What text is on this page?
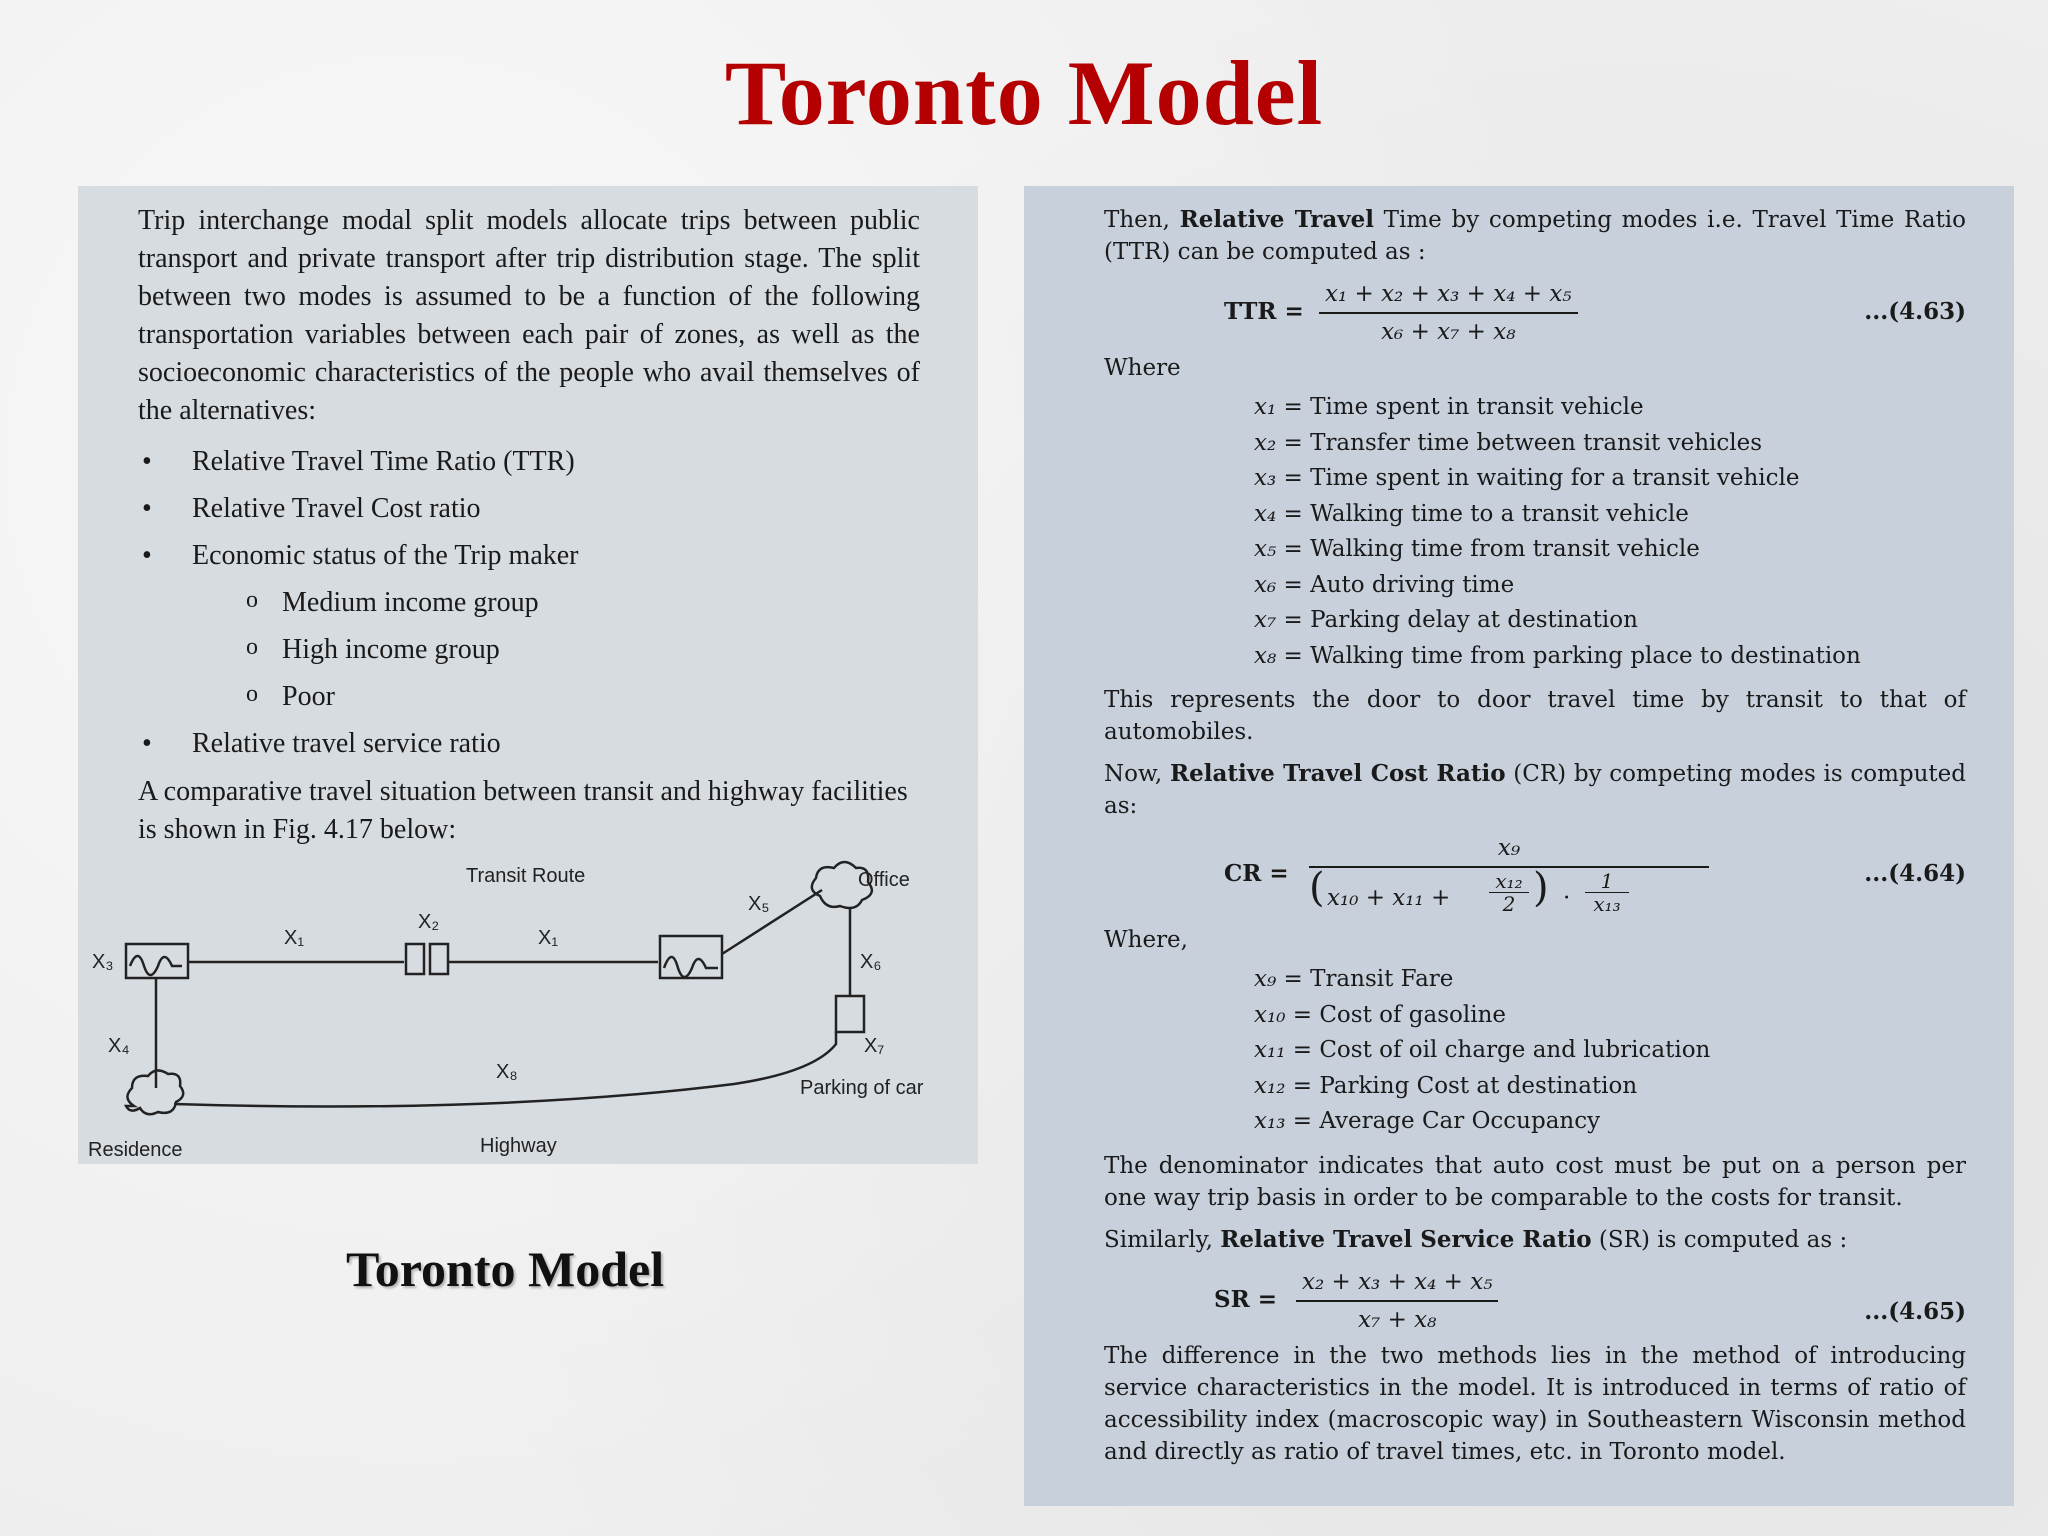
Toronto Model

Trip interchange modal split models allocate trips between public transport and private transport after trip distribution stage. The split between two modes is assumed to be a function of the following transportation variables between each pair of zones, as well as the socioeconomic characteristics of the people who avail themselves of the alternatives:

• Relative Travel Time Ratio (TTR)
• Relative Travel Cost ratio
• Economic status of the Trip maker
o Medium income group
o High income group
o Poor
• Relative travel service ratio

A comparative travel situation between transit and highway facilities is shown in Fig. 4.17 below:

Transit Route	Office
Highway
Residence
Parking of car
X₁
X₂
X₃
X₁
X₄
X₅
X₆
X₇
X₈
Toronto Model

Then, Relative Travel Time by competing modes i.e. Travel Time Ratio (TTR) can be computed as :

TTR = $\frac{\text{x₁ + x₂ + x₃ + x₄ + x₅}}{\text{x₆ + x₇ + x₈}}$	...(4.63)

Where

x₁ = Time spent in transit vehicle
x₂ = Transfer time between transit vehicles
x₃ = Time spent in waiting for a transit vehicle
x₄ = Walking time to a transit vehicle
x₅ = Walking time from transit vehicle
x₆ = Auto driving time
x₇ = Parking delay at destination
x₈ = Walking time from parking place to destination

This represents the door to door travel time by transit to that of automobiles.

Now, Relative Travel Cost Ratio (CR) by competing modes is computed as:

CR =
x₉
( x₁₀ + x₁₁ +
x₁₂
2 ) ·
1
x₁₃
...(4.64)

Where,

x₉ = Transit Fare
x₁₀ = Cost of gasoline
x₁₁ = Cost of oil charge and lubrication
x₁₂ = Parking Cost at destination
x₁₃ = Average Car Occupancy

The denominator indicates that auto cost must be put on a person per one way trip basis in order to be comparable to the costs for transit.

Similarly, Relative Travel Service Ratio (SR) is computed as :

SR = $\frac{\text{x₂ + x₃ + x₄ + x₅}}{\text{x₇ + x₈}}$	...(4.65)

The difference in the two methods lies in the method of introducing service characteristics in the model. It is introduced in terms of ratio of accessibility index (macroscopic way) in Southeastern Wisconsin method and directly as ratio of travel times, etc. in Toronto model.
